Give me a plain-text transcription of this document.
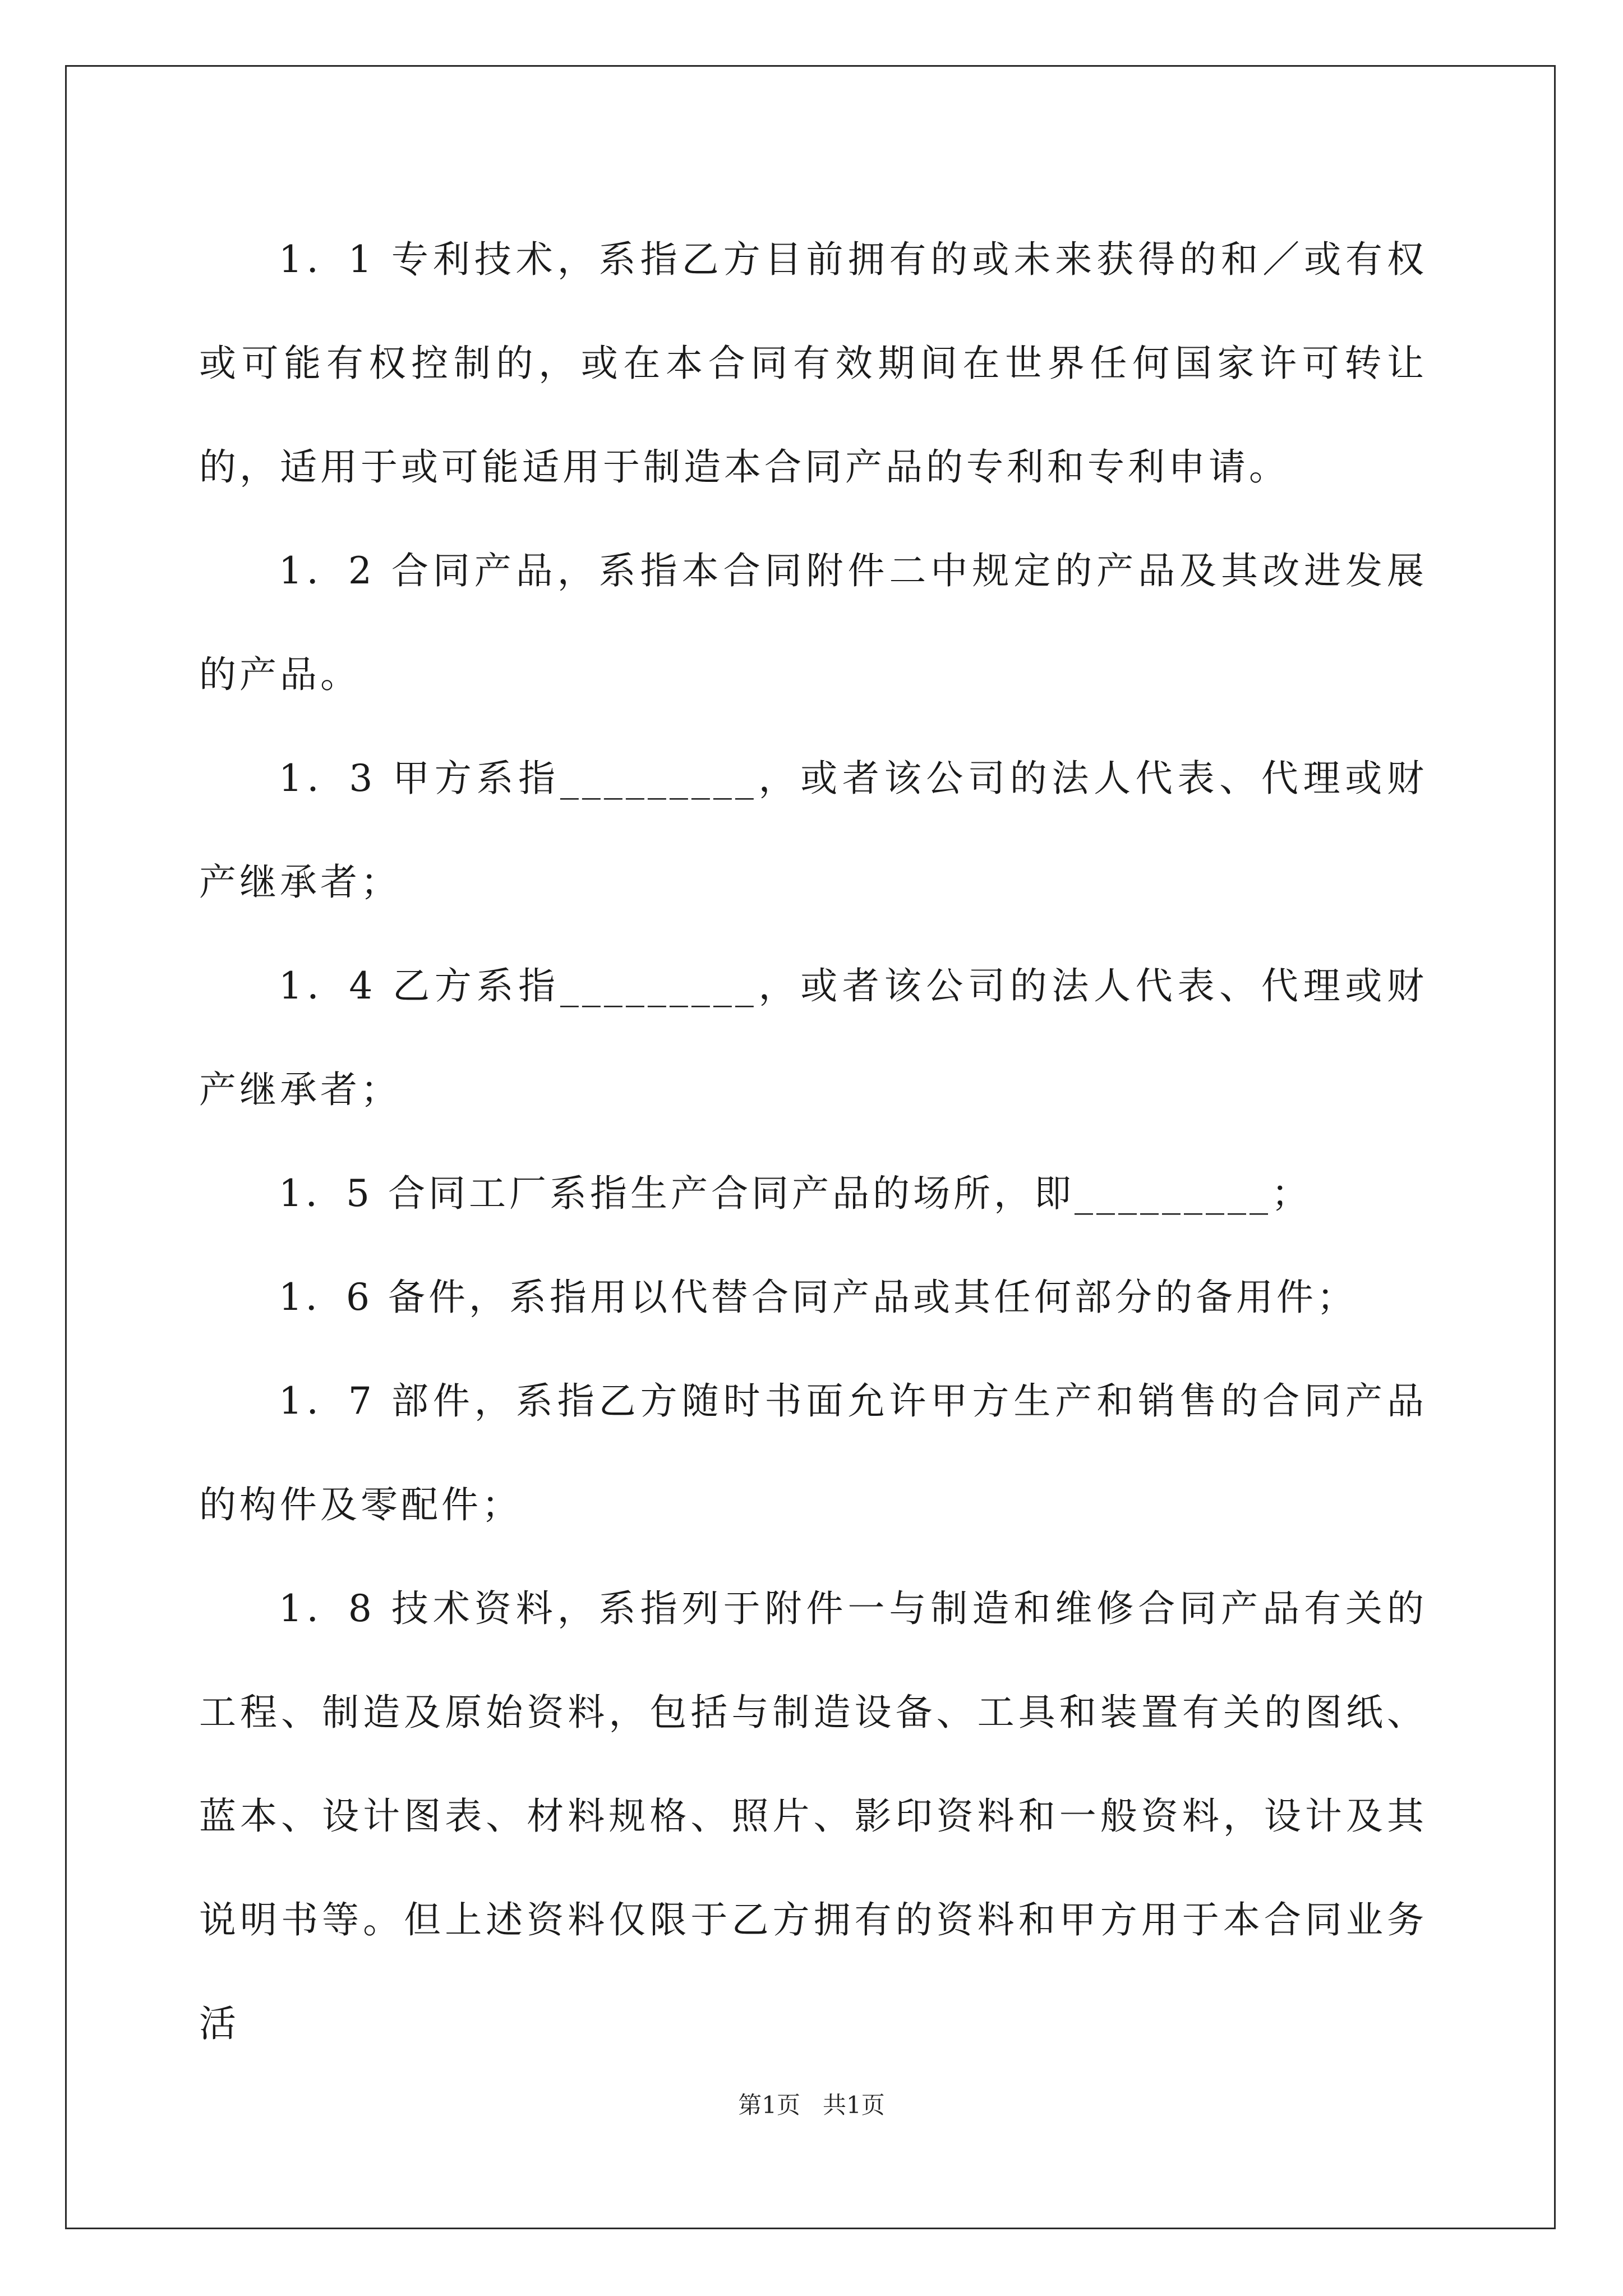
1．1 专利技术，系指乙方目前拥有的或未来获得的和／或有权或可能有权控制的，或在本合同有效期间在世界任何国家许可转让的，适用于或可能适用于制造本合同产品的专利和专利申请。

1．2 合同产品，系指本合同附件二中规定的产品及其改进发展的产品。

1．3 甲方系指_________，或者该公司的法人代表、代理或财产继承者；

1．4 乙方系指_________，或者该公司的法人代表、代理或财产继承者；

1．5 合同工厂系指生产合同产品的场所，即_________；

1．6 备件，系指用以代替合同产品或其任何部分的备用件；

1．7 部件，系指乙方随时书面允许甲方生产和销售的合同产品的构件及零配件；

1．8 技术资料，系指列于附件一与制造和维修合同产品有关的工程、制造及原始资料，包括与制造设备、工具和装置有关的图纸、蓝本、设计图表、材料规格、照片、影印资料和一般资料，设计及其说明书等。但上述资料仅限于乙方拥有的资料和甲方用于本合同业务活

第1页 共1页
